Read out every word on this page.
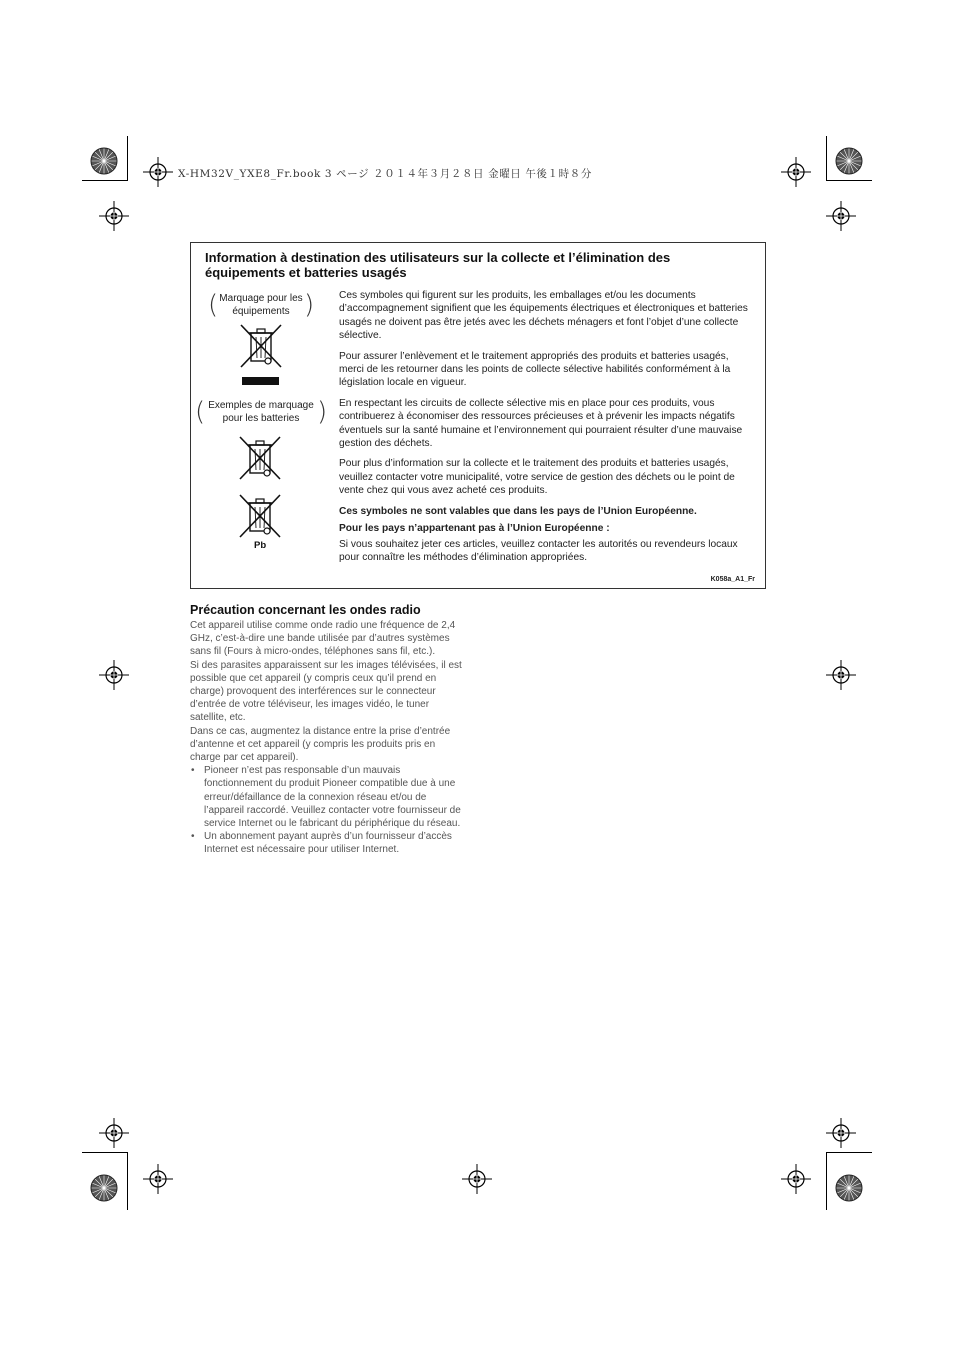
X-HM32V_YXE8_Fr.book 3 ページ ２０１４年３月２８日 金曜日 午後１時８分
Information à destination des utilisateurs sur la collecte et l’élimination des équipements et batteries usagés
( Marquage pour les équipements )
( Exemples de marquage pour les batteries )
Pb

Ces symboles qui figurent sur les produits, les emballages et/ou les documents d’accompagnement signifient que les équipements électriques et électroniques et batteries usagés ne doivent pas être jetés avec les déchets ménagers et font l’objet d’une collecte sélective.

Pour assurer l’enlèvement et le traitement appropriés des produits et batteries usagés, merci de les retourner dans les points de collecte sélective habilités conformément à la législation locale en vigueur.

En respectant les circuits de collecte sélective mis en place pour ces produits, vous contribuerez à économiser des ressources précieuses et à prévenir les impacts négatifs éventuels sur la santé humaine et l’environnement qui pourraient résulter d’une mauvaise gestion des déchets.

Pour plus d’information sur la collecte et le traitement des produits et batteries usagés, veuillez contacter votre municipalité, votre service de gestion des déchets ou le point de vente chez qui vous avez acheté ces produits.

Ces symboles ne sont valables que dans les pays de l’Union Européenne.

Pour les pays n’appartenant pas à l’Union Européenne :

Si vous souhaitez jeter ces articles, veuillez contacter les autorités ou revendeurs locaux pour connaître les méthodes d’élimination appropriées.

K058a_A1_Fr
Précaution concernant les ondes radio

Cet appareil utilise comme onde radio une fréquence de 2,4 GHz, c’est-à-dire une bande utilisée par d’autres systèmes sans fil (Fours à micro-ondes, téléphones sans fil, etc.).

Si des parasites apparaissent sur les images télévisées, il est possible que cet appareil (y compris ceux qu’il prend en charge) provoquent des interférences sur le connecteur d’entrée de votre téléviseur, les images vidéo, le tuner satellite, etc.

Dans ce cas, augmentez la distance entre la prise d’entrée d’antenne et cet appareil (y compris les produits pris en charge par cet appareil).

• Pioneer n’est pas responsable d’un mauvais fonctionnement du produit Pioneer compatible due à une erreur/défaillance de la connexion réseau et/ou de l’appareil raccordé. Veuillez contacter votre fournisseur de service Internet ou le fabricant du périphérique du réseau.
• Un abonnement payant auprès d’un fournisseur d’accès Internet est nécessaire pour utiliser Internet.
